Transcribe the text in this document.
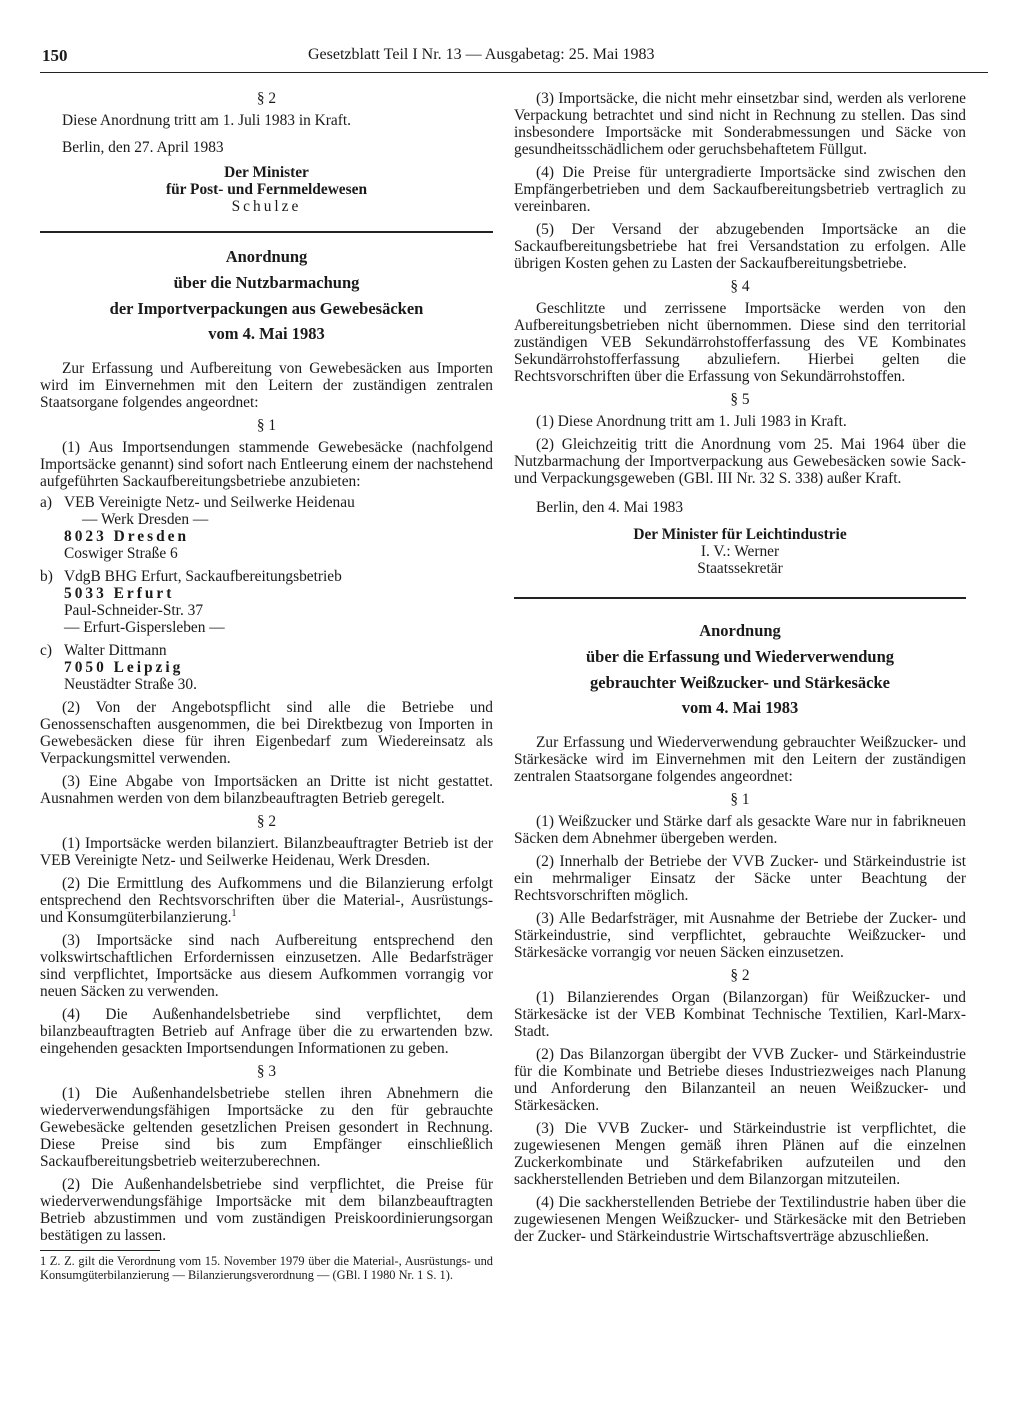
150	Gesetzblatt Teil I Nr. 13 — Ausgabetag: 25. Mai 1983
§ 2

Diese Anordnung tritt am 1. Juli 1983 in Kraft.

Berlin, den 27. April 1983

Der Minister
für Post- und Fernmeldewesen
Schulze
Anordnung
über die Nutzbarmachung
der Importverpackungen aus Gewebesäcken
vom 4. Mai 1983

Zur Erfassung und Aufbereitung von Gewebesäcken aus Importen wird im Einvernehmen mit den Leitern der zuständigen zentralen Staatsorgane folgendes angeordnet:

§ 1

(1) Aus Importsendungen stammende Gewebesäcke (nachfolgend Importsäcke genannt) sind sofort nach Entleerung einem der nachstehend aufgeführten Sackaufbereitungsbetriebe anzubieten:

a) VEB Vereinigte Netz- und Seilwerke Heidenau
— Werk Dresden —
8023 Dresden
Coswiger Straße 6
b) VdgB BHG Erfurt, Sackaufbereitungsbetrieb
5033 Erfurt
Paul-Schneider-Str. 37
— Erfurt-Gispersleben —
c) Walter Dittmann
7050 Leipzig
Neustädter Straße 30.

(2) Von der Angebotspflicht sind alle die Betriebe und Genossenschaften ausgenommen, die bei Direktbezug von Importen in Gewebesäcken diese für ihren Eigenbedarf zum Wiedereinsatz als Verpackungsmittel verwenden.

(3) Eine Abgabe von Importsäcken an Dritte ist nicht gestattet. Ausnahmen werden von dem bilanzbeauftragten Betrieb geregelt.

§ 2

(1) Importsäcke werden bilanziert. Bilanzbeauftragter Betrieb ist der VEB Vereinigte Netz- und Seilwerke Heidenau, Werk Dresden.

(2) Die Ermittlung des Aufkommens und die Bilanzierung erfolgt entsprechend den Rechtsvorschriften über die Material-, Ausrüstungs- und Konsumgüterbilanzierung.$^1$

(3) Importsäcke sind nach Aufbereitung entsprechend den volkswirtschaftlichen Erfordernissen einzusetzen. Alle Bedarfsträger sind verpflichtet, Importsäcke aus diesem Aufkommen vorrangig vor neuen Säcken zu verwenden.

(4) Die Außenhandelsbetriebe sind verpflichtet, dem bilanzbeauftragten Betrieb auf Anfrage über die zu erwartenden bzw. eingehenden gesackten Importsendungen Informationen zu geben.

§ 3

(1) Die Außenhandelsbetriebe stellen ihren Abnehmern die wiederverwendungsfähigen Importsäcke zu den für gebrauchte Gewebesäcke geltenden gesetzlichen Preisen gesondert in Rechnung. Diese Preise sind bis zum Empfänger einschließlich Sackaufbereitungsbetrieb weiterzuberechnen.

(2) Die Außenhandelsbetriebe sind verpflichtet, die Preise für wiederverwendungsfähige Importsäcke mit dem bilanzbeauftragten Betrieb abzustimmen und vom zuständigen Preiskoordinierungsorgan bestätigen zu lassen.

1 Z. Z. gilt die Verordnung vom 15. November 1979 über die Material-, Ausrüstungs- und Konsumgüterbilanzierung — Bilanzierungsverordnung — (GBl. I 1980 Nr. 1 S. 1).

(3) Importsäcke, die nicht mehr einsetzbar sind, werden als verlorene Verpackung betrachtet und sind nicht in Rechnung zu stellen. Das sind insbesondere Importsäcke mit Sonderabmessungen und Säcke von gesundheitsschädlichem oder geruchsbehaftetem Füllgut.

(4) Die Preise für untergradierte Importsäcke sind zwischen den Empfängerbetrieben und dem Sackaufbereitungsbetrieb vertraglich zu vereinbaren.

(5) Der Versand der abzugebenden Importsäcke an die Sackaufbereitungsbetriebe hat frei Versandstation zu erfolgen. Alle übrigen Kosten gehen zu Lasten der Sackaufbereitungsbetriebe.

§ 4

Geschlitzte und zerrissene Importsäcke werden von den Aufbereitungsbetrieben nicht übernommen. Diese sind den territorial zuständigen VEB Sekundärrohstofferfassung des VE Kombinates Sekundärrohstofferfassung abzuliefern. Hierbei gelten die Rechtsvorschriften über die Erfassung von Sekundärrohstoffen.

§ 5

(1) Diese Anordnung tritt am 1. Juli 1983 in Kraft.

(2) Gleichzeitig tritt die Anordnung vom 25. Mai 1964 über die Nutzbarmachung der Importverpackung aus Gewebesäcken sowie Sack- und Verpackungsgeweben (GBl. III Nr. 32 S. 338) außer Kraft.

Berlin, den 4. Mai 1983

Der Minister für Leichtindustrie
I. V.: Werner
Staatssekretär
Anordnung
über die Erfassung und Wiederverwendung
gebrauchter Weißzucker- und Stärkesäcke
vom 4. Mai 1983

Zur Erfassung und Wiederverwendung gebrauchter Weißzucker- und Stärkesäcke wird im Einvernehmen mit den Leitern der zuständigen zentralen Staatsorgane folgendes angeordnet:

§ 1

(1) Weißzucker und Stärke darf als gesackte Ware nur in fabrikneuen Säcken dem Abnehmer übergeben werden.

(2) Innerhalb der Betriebe der VVB Zucker- und Stärkeindustrie ist ein mehrmaliger Einsatz der Säcke unter Beachtung der Rechtsvorschriften möglich.

(3) Alle Bedarfsträger, mit Ausnahme der Betriebe der Zucker- und Stärkeindustrie, sind verpflichtet, gebrauchte Weißzucker- und Stärkesäcke vorrangig vor neuen Säcken einzusetzen.

§ 2

(1) Bilanzierendes Organ (Bilanzorgan) für Weißzucker- und Stärkesäcke ist der VEB Kombinat Technische Textilien, Karl-Marx-Stadt.

(2) Das Bilanzorgan übergibt der VVB Zucker- und Stärkeindustrie für die Kombinate und Betriebe dieses Industriezweiges nach Planung und Anforderung den Bilanzanteil an neuen Weißzucker- und Stärkesäcken.

(3) Die VVB Zucker- und Stärkeindustrie ist verpflichtet, die zugewiesenen Mengen gemäß ihren Plänen auf die einzelnen Zuckerkombinate und Stärkefabriken aufzuteilen und den sackherstellenden Betrieben und dem Bilanzorgan mitzuteilen.

(4) Die sackherstellenden Betriebe der Textilindustrie haben über die zugewiesenen Mengen Weißzucker- und Stärkesäcke mit den Betrieben der Zucker- und Stärkeindustrie Wirtschaftsverträge abzuschließen.
